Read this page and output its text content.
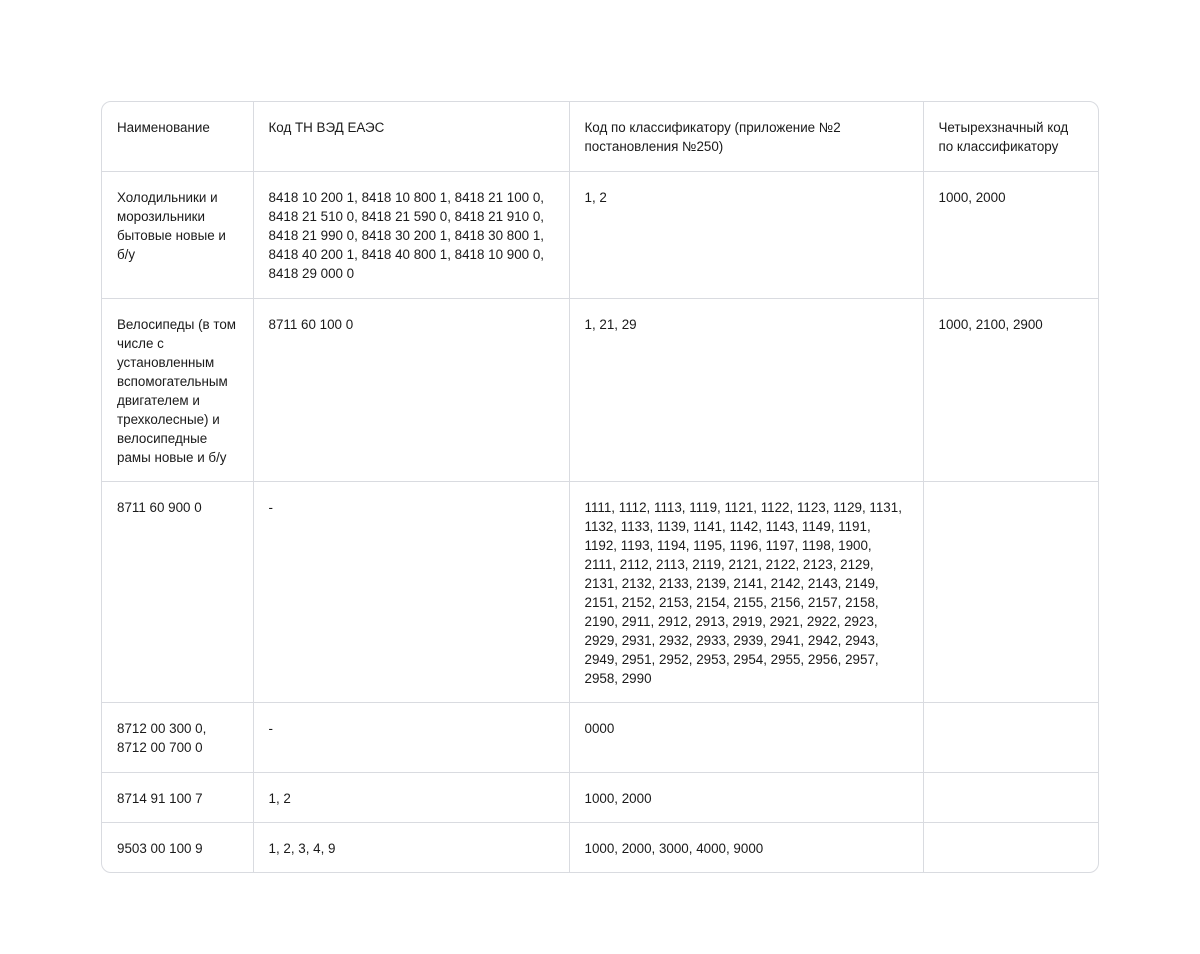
Наименование	Код ТН ВЭД ЕАЭС	Код по классификатору (приложение №2 постановления №250)	Четырехзначный код по классификатору
Холодильники и морозильники бытовые новые и б/у	8418 10 200 1, 8418 10 800 1, 8418 21 100 0, 8418 21 510 0, 8418 21 590 0, 8418 21 910 0, 8418 21 990 0, 8418 30 200 1, 8418 30 800 1, 8418 40 200 1, 8418 40 800 1, 8418 10 900 0, 8418 29 000 0	1, 2	1000, 2000
Велосипеды (в том числе с установленным вспомогательным двигателем и трехколесные) и велосипедные рамы новые и б/у	8711 60 100 0	1, 21, 29	1000, 2100, 2900
8711 60 900 0	-	1111, 1112, 1113, 1119, 1121, 1122, 1123, 1129, 1131, 1132, 1133, 1139, 1141, 1142, 1143, 1149, 1191, 1192, 1193, 1194, 1195, 1196, 1197, 1198, 1900, 2111, 2112, 2113, 2119, 2121, 2122, 2123, 2129, 2131, 2132, 2133, 2139, 2141, 2142, 2143, 2149, 2151, 2152, 2153, 2154, 2155, 2156, 2157, 2158, 2190, 2911, 2912, 2913, 2919, 2921, 2922, 2923, 2929, 2931, 2932, 2933, 2939, 2941, 2942, 2943, 2949, 2951, 2952, 2953, 2954, 2955, 2956, 2957, 2958, 2990	
8712 00 300 0, 8712 00 700 0	-	0000	
8714 91 100 7	1, 2	1000, 2000	
9503 00 100 9	1, 2, 3, 4, 9	1000, 2000, 3000, 4000, 9000	
